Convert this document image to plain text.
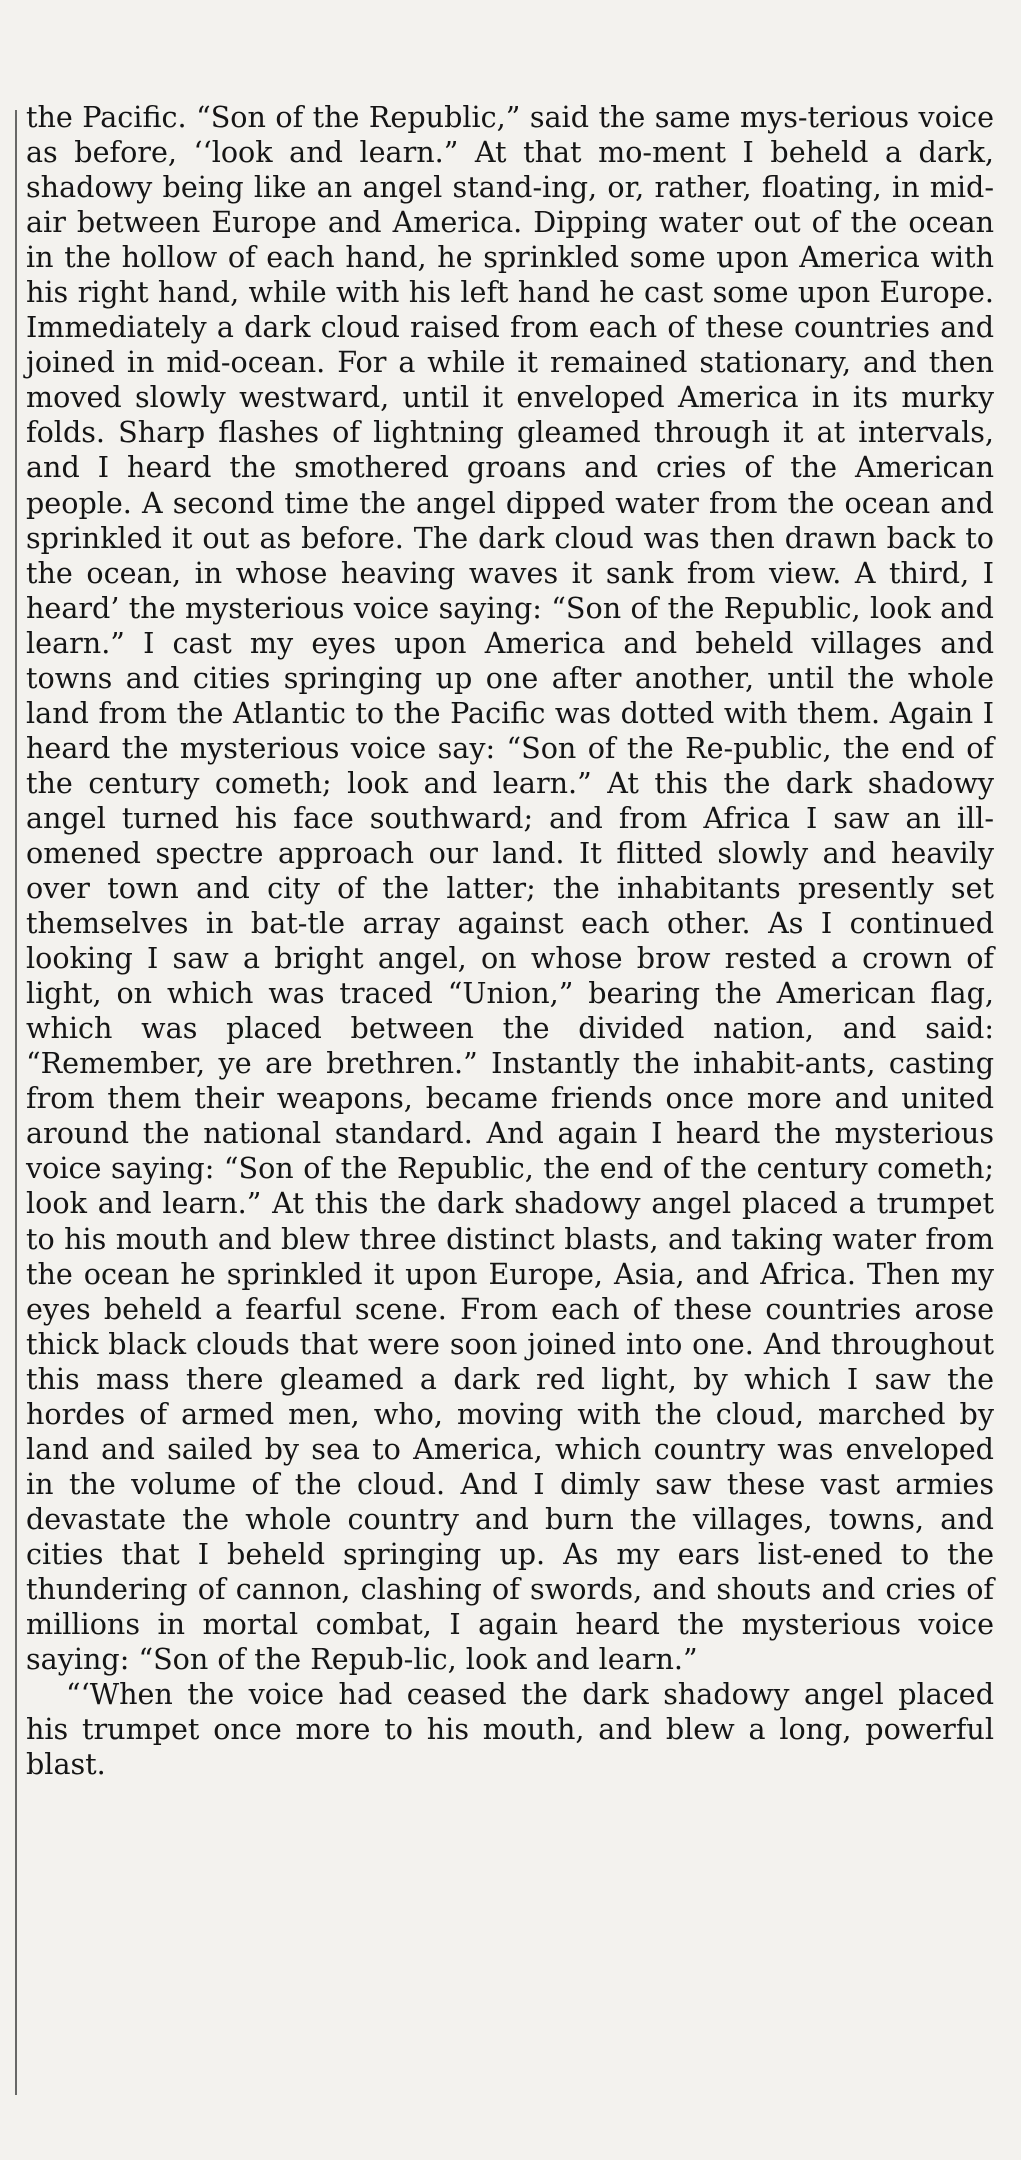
the Pacific. “Son of the Republic,” said the same mys-terious voice as before, ‘‘look and learn.” At that mo-ment I beheld a dark, shadowy being like an angel stand-ing, or, rather, floating, in mid-air between Europe and America. Dipping water out of the ocean in the hollow of each hand, he sprinkled some upon America with his right hand, while with his left hand he cast some upon Europe. Immediately a dark cloud raised from each of these countries and joined in mid-ocean. For a while it remained stationary, and then moved slowly westward, until it enveloped America in its murky folds. Sharp flashes of lightning gleamed through it at intervals, and I heard the smothered groans and cries of the American people. A second time the angel dipped water from the ocean and sprinkled it out as before. The dark cloud was then drawn back to the ocean, in whose heaving waves it sank from view. A third, I heard’ the mysterious voice saying: “Son of the Republic, look and learn.” I cast my eyes upon America and beheld villages and towns and cities springing up one after another, until the whole land from the Atlantic to the Pacific was dotted with them. Again I heard the mysterious voice say: “Son of the Re-public, the end of the century cometh; look and learn.” At this the dark shadowy angel turned his face southward; and from Africa I saw an ill-omened spectre approach our land. It flitted slowly and heavily over town and city of the latter; the inhabitants presently set themselves in bat-tle array against each other. As I continued looking I saw a bright angel, on whose brow rested a crown of light, on which was traced “Union,” bearing the American flag, which was placed between the divided nation, and said: “Remember, ye are brethren.” Instantly the inhabit-ants, casting from them their weapons, became friends once more and united around the national standard. And again I heard the mysterious voice saying: “Son of the Republic, the end of the century cometh; look and learn.” At this the dark shadowy angel placed a trumpet to his mouth and blew three distinct blasts, and taking water from the ocean he sprinkled it upon Europe, Asia, and Africa. Then my eyes beheld a fearful scene. From each of these countries arose thick black clouds that were soon joined into one. And throughout this mass there gleamed a dark red light, by which I saw the hordes of armed men, who, moving with the cloud, marched by land and sailed by sea to America, which country was enveloped in the volume of the cloud. And I dimly saw these vast armies devastate the whole country and burn the villages, towns, and cities that I beheld springing up. As my ears list-ened to the thundering of cannon, clashing of swords, and shouts and cries of millions in mortal combat, I again heard the mysterious voice saying: “Son of the Repub-lic, look and learn.”

“‘When the voice had ceased the dark shadowy angel placed his trumpet once more to his mouth, and blew a long, powerful blast.
